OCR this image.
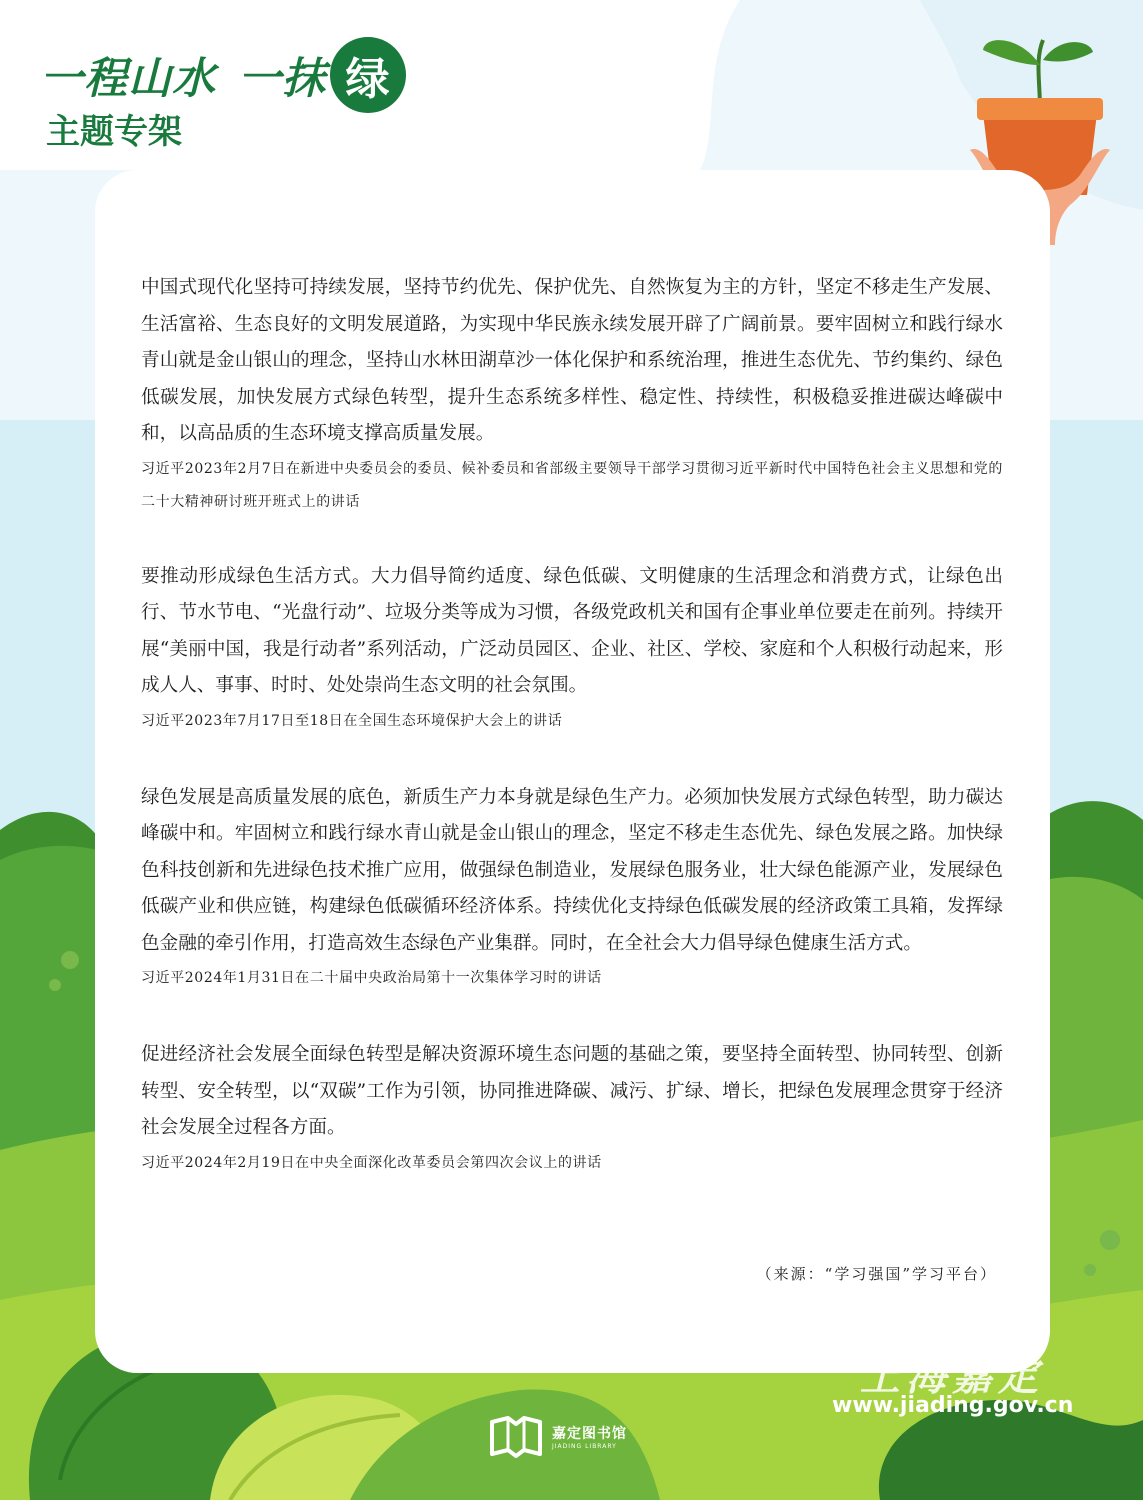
一程山水 一抹 绿
主题专架

中国式现代化坚持可持续发展，坚持节约优先、保护优先、自然恢复为主的方针，坚定不移走生产发展、生活富裕、生态良好的文明发展道路，为实现中华民族永续发展开辟了广阔前景。要牢固树立和践行绿水青山就是金山银山的理念，坚持山水林田湖草沙一体化保护和系统治理，推进生态优先、节约集约、绿色低碳发展，加快发展方式绿色转型，提升生态系统多样性、稳定性、持续性，积极稳妥推进碳达峰碳中和，以高品质的生态环境支撑高质量发展。

习近平2023年2月7日在新进中央委员会的委员、候补委员和省部级主要领导干部学习贯彻习近平新时代中国特色社会主义思想和党的二十大精神研讨班开班式上的讲话

要推动形成绿色生活方式。大力倡导简约适度、绿色低碳、文明健康的生活理念和消费方式，让绿色出行、节水节电、“光盘行动”、垃圾分类等成为习惯，各级党政机关和国有企事业单位要走在前列。持续开展“美丽中国，我是行动者”系列活动，广泛动员园区、企业、社区、学校、家庭和个人积极行动起来，形成人人、事事、时时、处处崇尚生态文明的社会氛围。

习近平2023年7月17日至18日在全国生态环境保护大会上的讲话

绿色发展是高质量发展的底色，新质生产力本身就是绿色生产力。必须加快发展方式绿色转型，助力碳达峰碳中和。牢固树立和践行绿水青山就是金山银山的理念，坚定不移走生态优先、绿色发展之路。加快绿色科技创新和先进绿色技术推广应用，做强绿色制造业，发展绿色服务业，壮大绿色能源产业，发展绿色低碳产业和供应链，构建绿色低碳循环经济体系。持续优化支持绿色低碳发展的经济政策工具箱，发挥绿色金融的牵引作用，打造高效生态绿色产业集群。同时，在全社会大力倡导绿色健康生活方式。

习近平2024年1月31日在二十届中央政治局第十一次集体学习时的讲话

促进经济社会发展全面绿色转型是解决资源环境生态问题的基础之策，要坚持全面转型、协同转型、创新转型、安全转型，以“双碳”工作为引领，协同推进降碳、减污、扩绿、增长，把绿色发展理念贯穿于经济社会发展全过程各方面。

习近平2024年2月19日在中央全面深化改革委员会第四次会议上的讲话

（来源：“学习强国”学习平台）
嘉定图书馆
JIADING LIBRARY
上海嘉定
www.jiading.gov.cn
